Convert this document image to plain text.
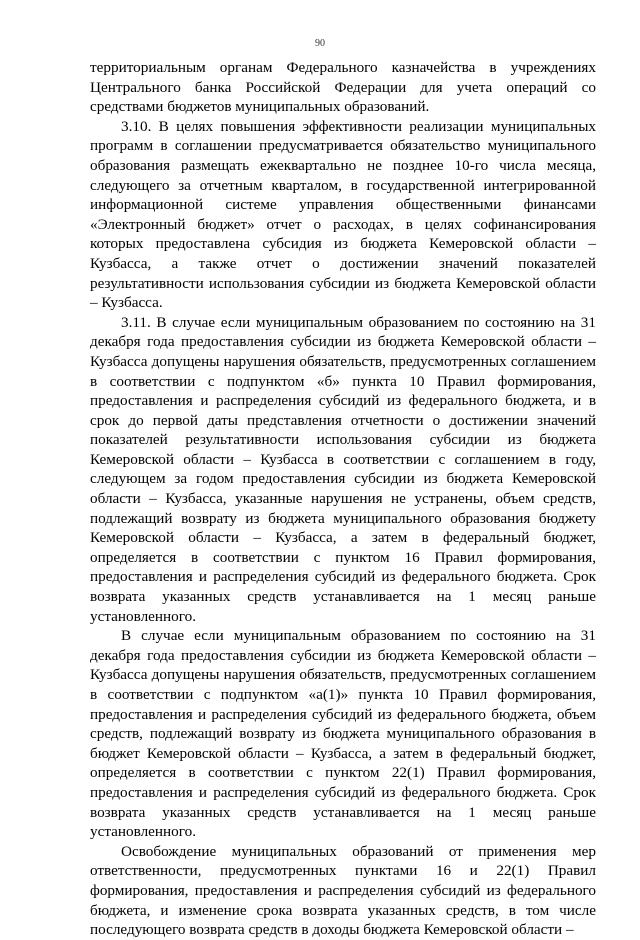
90

территориальным органам Федерального казначейства в учреждениях Центрального банка Российской Федерации для учета операций со средствами бюджетов муниципальных образований.

3.10. В целях повышения эффективности реализации муниципальных программ в соглашении предусматривается обязательство муниципального образования размещать ежеквартально не позднее 10-го числа месяца, следующего за отчетным кварталом, в государственной интегрированной информационной системе управления общественными финансами «Электронный бюджет» отчет о расходах, в целях софинансирования которых предоставлена субсидия из бюджета Кемеровской области – Кузбасса, а также отчет о достижении значений показателей результативности использования субсидии из бюджета Кемеровской области – Кузбасса.

3.11. В случае если муниципальным образованием по состоянию на 31 декабря года предоставления субсидии из бюджета Кемеровской области – Кузбасса допущены нарушения обязательств, предусмотренных соглашением в соответствии с подпунктом «б» пункта 10 Правил формирования, предоставления и распределения субсидий из федерального бюджета, и в срок до первой даты представления отчетности о достижении значений показателей результативности использования субсидии из бюджета Кемеровской области – Кузбасса в соответствии с соглашением в году, следующем за годом предоставления субсидии из бюджета Кемеровской области – Кузбасса, указанные нарушения не устранены, объем средств, подлежащий возврату из бюджета муниципального образования бюджету Кемеровской области – Кузбасса, а затем в федеральный бюджет, определяется в соответствии с пунктом 16 Правил формирования, предоставления и распределения субсидий из федерального бюджета. Срок возврата указанных средств устанавливается на 1 месяц раньше установленного.

В случае если муниципальным образованием по состоянию на 31 декабря года предоставления субсидии из бюджета Кемеровской области – Кузбасса допущены нарушения обязательств, предусмотренных соглашением в соответствии с подпунктом «а(1)» пункта 10 Правил формирования, предоставления и распределения субсидий из федерального бюджета, объем средств, подлежащий возврату из бюджета муниципального образования в бюджет Кемеровской области – Кузбасса, а затем в федеральный бюджет, определяется в соответствии с пунктом 22(1) Правил формирования, предоставления и распределения субсидий из федерального бюджета. Срок возврата указанных средств устанавливается на 1 месяц раньше установленного.

Освобождение муниципальных образований от применения мер ответственности, предусмотренных пунктами 16 и 22(1) Правил формирования, предоставления и распределения субсидий из федерального бюджета, и изменение срока возврата указанных средств, в том числе последующего возврата средств в доходы бюджета Кемеровской области –
